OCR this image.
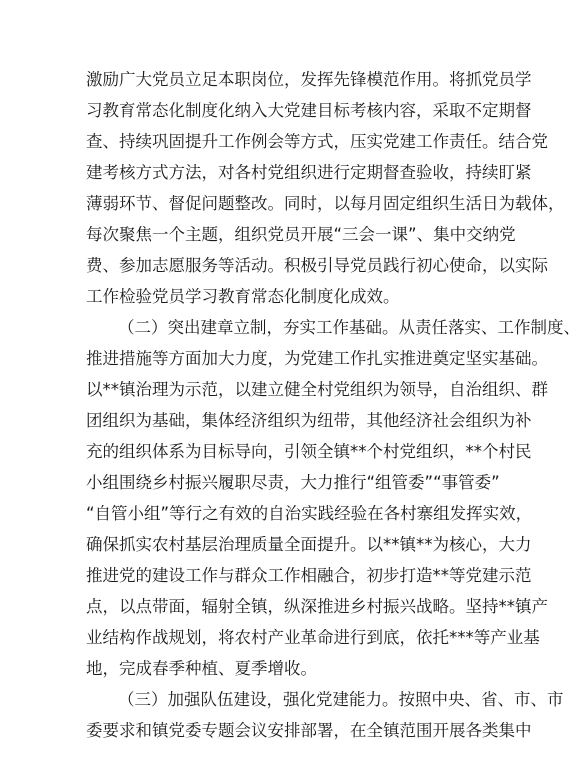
激励广大党员立足本职岗位，发挥先锋模范作用。将抓党员学
习教育常态化制度化纳入大党建目标考核内容，采取不定期督
查、持续巩固提升工作例会等方式，压实党建工作责任。结合党
建考核方式方法，对各村党组织进行定期督查验收，持续盯紧
薄弱环节、督促问题整改。同时，以每月固定组织生活日为载体，
每次聚焦一个主题，组织党员开展“三会一课”、集中交纳党
费、参加志愿服务等活动。积极引导党员践行初心使命，以实际
工作检验党员学习教育常态化制度化成效。
（二）突出建章立制，夯实工作基础。从责任落实、工作制度、
推进措施等方面加大力度，为党建工作扎实推进奠定坚实基础。
以**镇治理为示范，以建立健全村党组织为领导，自治组织、群
团组织为基础，集体经济组织为纽带，其他经济社会组织为补
充的组织体系为目标导向，引领全镇**个村党组织，**个村民
小组围绕乡村振兴履职尽责，大力推行“组管委”“事管委”
“自管小组”等行之有效的自治实践经验在各村寨组发挥实效，
确保抓实农村基层治理质量全面提升。以**镇**为核心，大力
推进党的建设工作与群众工作相融合，初步打造**等党建示范
点，以点带面，辐射全镇，纵深推进乡村振兴战略。坚持**镇产
业结构作战规划，将农村产业革命进行到底，依托***等产业基
地，完成春季种植、夏季增收。
（三）加强队伍建设，强化党建能力。按照中央、省、市、市
委要求和镇党委专题会议安排部署，在全镇范围开展各类集中
